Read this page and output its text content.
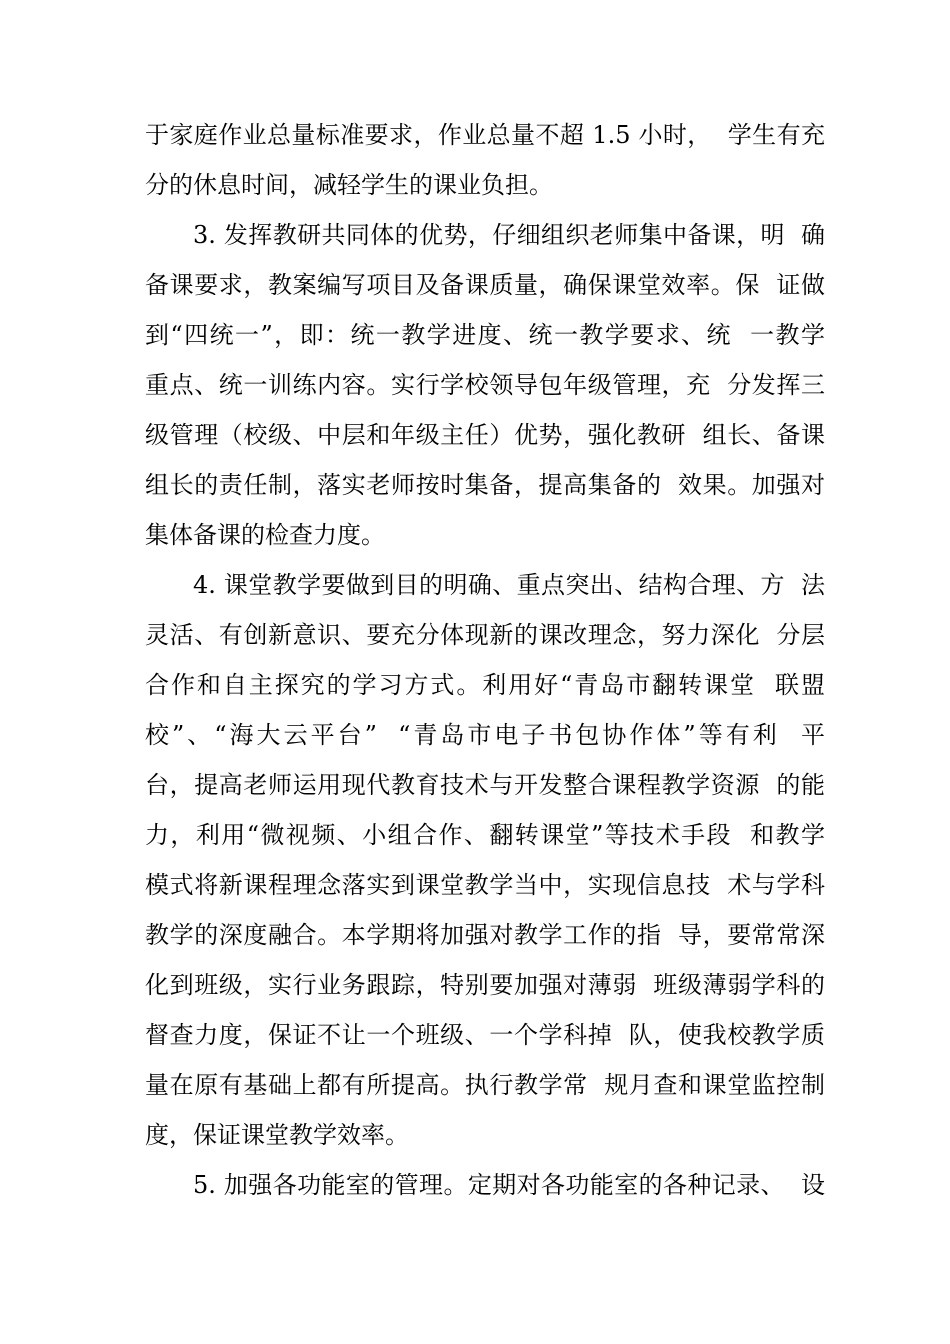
于家庭作业总量标准要求，作业总量不超 1.5 小时，  学生有充
分的休息时间，减轻学生的课业负担。
3. 发挥教研共同体的优势，仔细组织老师集中备课，明  确
备课要求，教案编写项目及备课质量，确保课堂效率。保  证做
到“四统一”，即：统一教学进度、统一教学要求、统  一教学
重点、统一训练内容。实行学校领导包年级管理，充  分发挥三
级管理（校级、中层和年级主任）优势，强化教研  组长、备课
组长的责任制，落实老师按时集备，提高集备的  效果。加强对
集体备课的检查力度。
4. 课堂教学要做到目的明确、重点突出、结构合理、方  法
灵活、有创新意识、要充分体现新的课改理念，努力深化  分层
合作和自主探究的学习方式。利用好“青岛市翻转课堂  联盟
校”、“海大云平台”  “青岛市电子书包协作体”等有利  平
台，提高老师运用现代教育技术与开发整合课程教学资源  的能
力，利用“微视频、小组合作、翻转课堂”等技术手段  和教学
模式将新课程理念落实到课堂教学当中，实现信息技  术与学科
教学的深度融合。本学期将加强对教学工作的指  导，要常常深
化到班级，实行业务跟踪，特别要加强对薄弱  班级薄弱学科的
督查力度，保证不让一个班级、一个学科掉  队，使我校教学质
量在原有基础上都有所提高。执行教学常  规月查和课堂监控制
度，保证课堂教学效率。
5. 加强各功能室的管理。定期对各功能室的各种记录、  设
